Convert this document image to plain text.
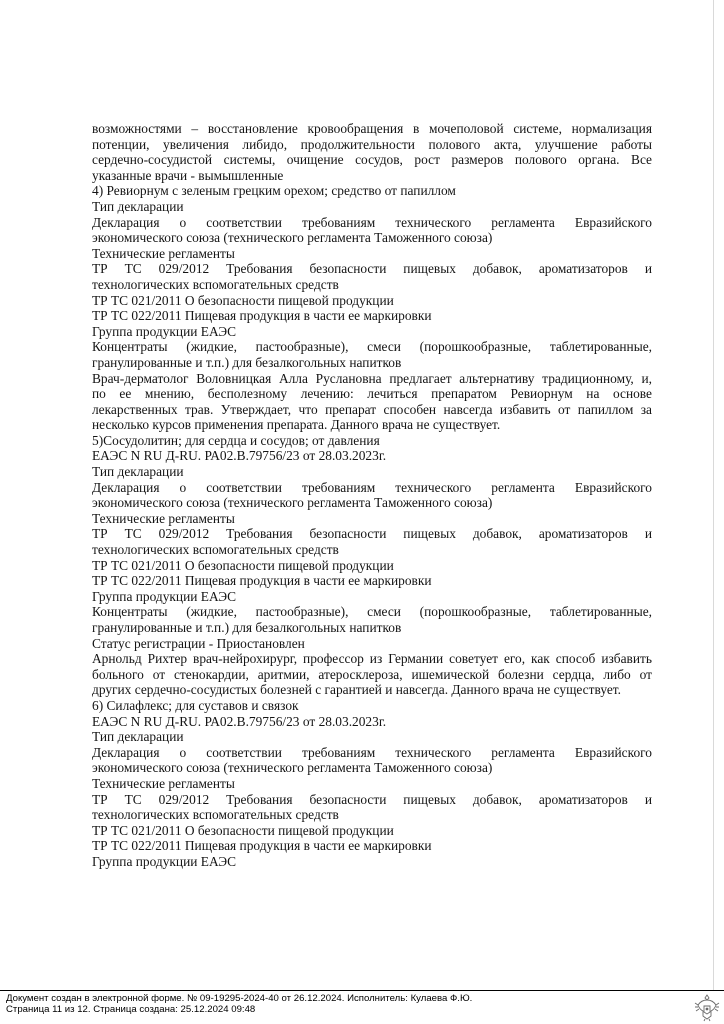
возможностями – восстановление кровообращения в мочеполовой системе, нормализация
потенции, увеличения либидо, продолжительности полового акта, улучшение работы
сердечно-сосудистой системы, очищение сосудов, рост размеров полового органа. Все
указанные врачи - вымышленные
4) Ревиорнум с зеленым грецким орехом; средство от папиллом
Тип декларации
Декларация о соответствии требованиям технического регламента Евразийского
экономического союза (технического регламента Таможенного союза)
Технические регламенты
ТР ТС 029/2012 Требования безопасности пищевых добавок, ароматизаторов и
технологических вспомогательных средств
ТР ТС 021/2011 О безопасности пищевой продукции
ТР ТС 022/2011 Пищевая продукция в части ее маркировки
Группа продукции ЕАЭС
Концентраты (жидкие, пастообразные), смеси (порошкообразные, таблетированные,
гранулированные и т.п.) для безалкогольных напитков
Врач-дерматолог Воловницкая Алла Руслановна предлагает альтернативу традиционному, и,
по ее мнению, бесполезному лечению: лечиться препаратом Ревиорнум на основе
лекарственных трав. Утверждает, что препарат способен навсегда избавить от папиллом за
несколько курсов применения препарата. Данного врача не существует.
5)Сосудолитин; для сердца и сосудов; от давления
ЕАЭС N RU Д-RU. РА02.В.79756/23 от 28.03.2023г.
Тип декларации
Декларация о соответствии требованиям технического регламента Евразийского
экономического союза (технического регламента Таможенного союза)
Технические регламенты
ТР ТС 029/2012 Требования безопасности пищевых добавок, ароматизаторов и
технологических вспомогательных средств
ТР ТС 021/2011 О безопасности пищевой продукции
ТР ТС 022/2011 Пищевая продукция в части ее маркировки
Группа продукции ЕАЭС
Концентраты (жидкие, пастообразные), смеси (порошкообразные, таблетированные,
гранулированные и т.п.) для безалкогольных напитков
Статус регистрации - Приостановлен
Арнольд Рихтер врач-нейрохирург, профессор из Германии советует его, как способ избавить
больного от стенокардии, аритмии, атеросклероза, ишемической болезни сердца, либо от
других сердечно-сосудистых болезней с гарантией и навсегда. Данного врача не существует.
6) Силафлекс; для суставов и связок
ЕАЭС N RU Д-RU. РА02.В.79756/23 от 28.03.2023г.
Тип декларации
Декларация о соответствии требованиям технического регламента Евразийского
экономического союза (технического регламента Таможенного союза)
Технические регламенты
ТР ТС 029/2012 Требования безопасности пищевых добавок, ароматизаторов и
технологических вспомогательных средств
ТР ТС 021/2011 О безопасности пищевой продукции
ТР ТС 022/2011 Пищевая продукция в части ее маркировки
Группа продукции ЕАЭС
Документ создан в электронной форме. № 09-19295-2024-40 от 26.12.2024. Исполнитель: Кулаева Ф.Ю.
Страница 11 из 12. Страница создана: 25.12.2024 09:48
